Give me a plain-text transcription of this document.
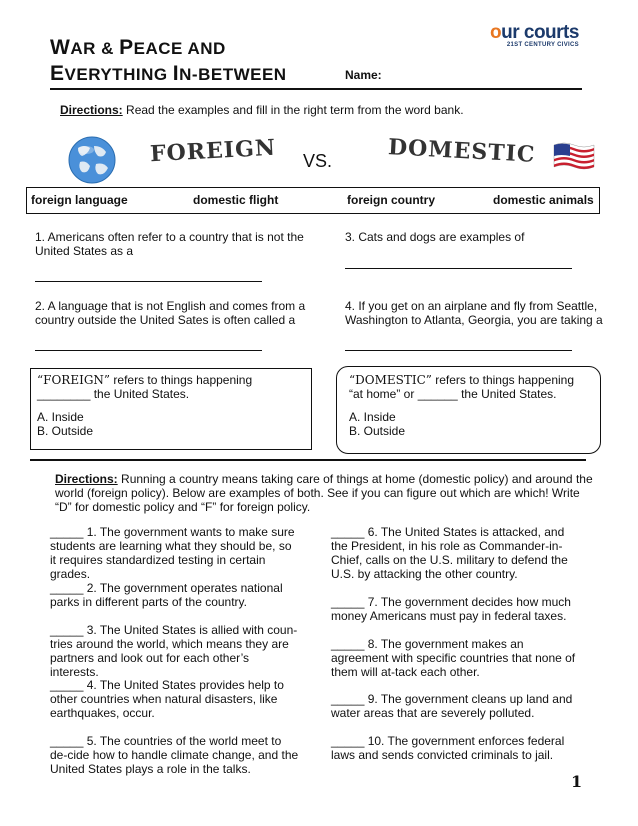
WAR & PEACE AND
EVERYTHING IN-BETWEEN	Name:
our courts
21ST CENTURY CIVICS
Directions: Read the examples and fill in the right term from the word bank.
FOREIGN VS.	DOMESTIC
foreign language	domestic flight	foreign country	domestic animals
1. Americans often refer to a country that is not the United States as a
3. Cats and dogs are examples of
2. A language that is not English and comes from a country outside the United Sates is often called a
4. If you get on an airplane and fly from Seattle, Washington to Atlanta, Georgia, you are taking a
“FOREIGN” refers to things happening ________ the United States.
A. Inside
B. Outside
“DOMESTIC” refers to things happening “at home” or ______ the United States.
A. Inside
B. Outside
Directions: Running a country means taking care of things at home (domestic policy) and around the world (foreign policy). Below are examples of both. See if you can figure out which are which! Write “D” for domestic policy and “F” for foreign policy.
_____ 1. The government wants to make sure students are learning what they should be, so it requires standardized testing in certain grades.
_____ 2. The government operates national parks in different parts of the country.
_____ 3. The United States is allied with coun-tries around the world, which means they are partners and look out for each other’s interests.
_____ 4. The United States provides help to other countries when natural disasters, like earthquakes, occur.
_____ 5. The countries of the world meet to de-cide how to handle climate change, and the United States plays a role in the talks.
_____ 6. The United States is attacked, and the President, in his role as Commander-in-Chief, calls on the U.S. military to defend the U.S. by attacking the other country.
_____ 7. The government decides how much money Americans must pay in federal taxes.
_____ 8. The government makes an agreement with specific countries that none of them will at-tack each other.
_____ 9. The government cleans up land and water areas that are severely polluted.
_____ 10. The government enforces federal laws and sends convicted criminals to jail.
1
